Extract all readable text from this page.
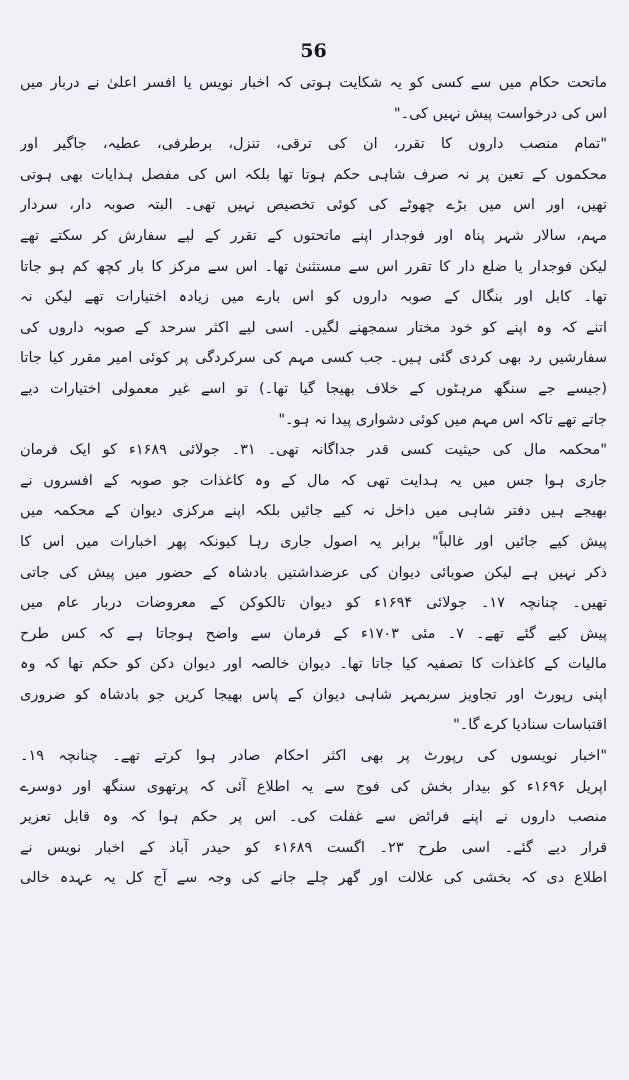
56

ماتحت حکام میں سے کسی کو یہ شکایت ہوتی کہ اخبار نویس یا افسر اعلیٰ نے دربار میں

اس کی درخواست پیش نہیں کی۔"

"تمام منصب داروں کا تقرر، ان کی ترقی، تنزل، برطرفی، عطیہ، جاگیر اور

محکموں کے تعین پر نہ صرف شاہی حکم ہوتا تھا بلکہ اس کی مفصل ہدایات بھی ہوتی

تھیں، اور اس میں بڑے چھوٹے کی کوئی تخصیص نہیں تھی۔ البتہ صوبہ دار، سردار

مہم، سالار شہر پناہ اور فوجدار اپنے ماتحتوں کے تقرر کے لیے سفارش کر سکتے تھے

لیکن فوجدار یا ضلع دار کا تقرر اس سے مستثنیٰ تھا۔ اس سے مرکز کا بار کچھ کم ہو جاتا

تھا۔ کابل اور بنگال کے صوبہ داروں کو اس بارے میں زیادہ اختیارات تھے لیکن نہ

اتنے کہ وہ اپنے کو خود مختار سمجھنے لگیں۔ اسی لیے اکثر سرحد کے صوبہ داروں کی

سفارشیں رد بھی کردی گئی ہیں۔ جب کسی مہم کی سرکردگی پر کوئی امیر مقرر کیا جاتا

(جیسے جے سنگھ مرہٹوں کے خلاف بھیجا گیا تھا۔) تو اسے غیر معمولی اختیارات دیے

جاتے تھے تاکہ اس مہم میں کوئی دشواری پیدا نہ ہو۔"

"محکمہ مال کی حیثیت کسی قدر جداگانہ تھی۔ ۳۱۔ جولائی ۱۶۸۹ء کو ایک فرمان

جاری ہوا جس میں یہ ہدایت تھی کہ مال کے وہ کاغذات جو صوبہ کے افسروں نے

بھیجے ہیں دفتر شاہی میں داخل نہ کیے جائیں بلکہ اپنے مرکزی دیوان کے محکمہ میں

پیش کیے جائیں اور غالباً" برابر یہ اصول جاری رہا کیونکہ پھر اخبارات میں اس کا

ذکر نہیں ہے لیکن صوبائی دیوان کی عرضداشتیں بادشاہ کے حضور میں پیش کی جاتی

تھیں۔ چنانچہ ۱۷۔ جولائی ۱۶۹۴ء کو دیوان تالکوکن کے معروضات دربار عام میں

پیش کیے گئے تھے۔ ۷۔ مئی ۱۷۰۳ء کے فرمان سے واضح ہوجاتا ہے کہ کس طرح

مالیات کے کاغذات کا تصفیہ کیا جاتا تھا۔ دیوان خالصہ اور دیوان دکن کو حکم تھا کہ وہ

اپنی رپورٹ اور تجاویز سربمہر شاہی دیوان کے پاس بھیجا کریں جو بادشاہ کو ضروری

اقتباسات سنادیا کرے گا۔"

"اخبار نویسوں کی رپورٹ پر بھی اکثر احکام صادر ہوا کرتے تھے۔ چنانچہ ۱۹۔

اپریل ۱۶۹۶ء کو بیدار بخش کی فوج سے یہ اطلاع آئی کہ پرتھوی سنگھ اور دوسرے

منصب داروں نے اپنے فرائض سے غفلت کی۔ اس پر حکم ہوا کہ وہ قابل تعزیر

قرار دیے گئے۔ اسی طرح ۲۳۔ اگست ۱۶۸۹ء کو حیدر آباد کے اخبار نویس نے

اطلاع دی کہ بخشی کی علالت اور گھر چلے جانے کی وجہ سے آج کل یہ عہدہ خالی
